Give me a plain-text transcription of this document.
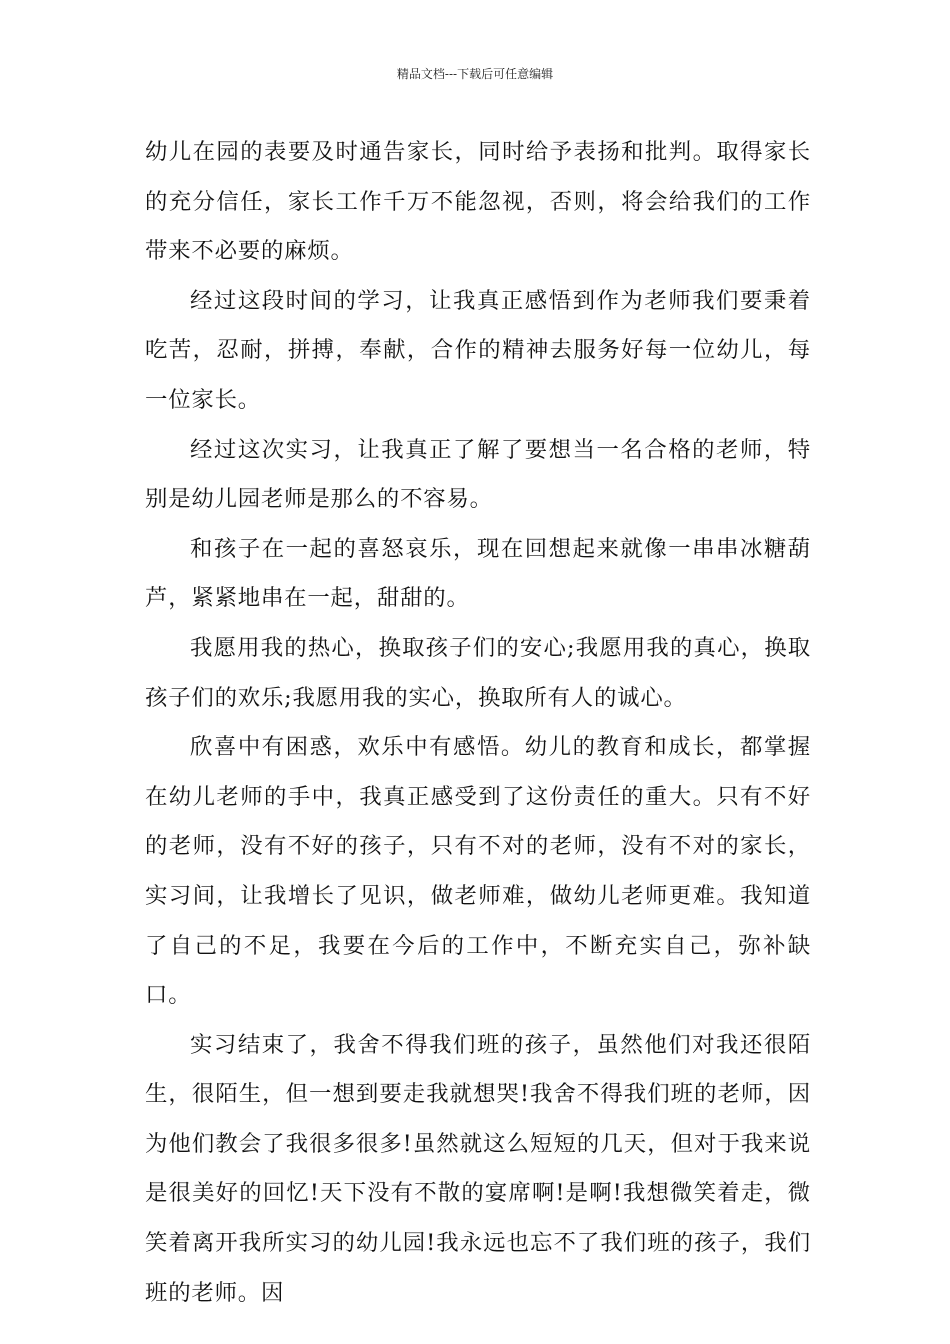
精品文档---下载后可任意编辑

幼儿在园的表要及时通告家长，同时给予表扬和批判。取得家长的充分信任，家长工作千万不能忽视，否则，将会给我们的工作带来不必要的麻烦。

经过这段时间的学习，让我真正感悟到作为老师我们要秉着吃苦，忍耐，拼搏，奉献，合作的精神去服务好每一位幼儿，每一位家长。

经过这次实习，让我真正了解了要想当一名合格的老师，特别是幼儿园老师是那么的不容易。

和孩子在一起的喜怒哀乐，现在回想起来就像一串串冰糖葫芦，紧紧地串在一起，甜甜的。

我愿用我的热心，换取孩子们的安心;我愿用我的真心，换取孩子们的欢乐;我愿用我的实心，换取所有人的诚心。

欣喜中有困惑，欢乐中有感悟。幼儿的教育和成长，都掌握在幼儿老师的手中，我真正感受到了这份责任的重大。只有不好的老师，没有不好的孩子，只有不对的老师，没有不对的家长，实习间，让我增长了见识，做老师难，做幼儿老师更难。我知道了自己的不足，我要在今后的工作中，不断充实自己，弥补缺口。

实习结束了，我舍不得我们班的孩子，虽然他们对我还很陌生，很陌生，但一想到要走我就想哭!我舍不得我们班的老师，因为他们教会了我很多很多!虽然就这么短短的几天，但对于我来说是很美好的回忆!天下没有不散的宴席啊!是啊!我想微笑着走，微笑着离开我所实习的幼儿园!我永远也忘不了我们班的孩子，我们班的老师。因
